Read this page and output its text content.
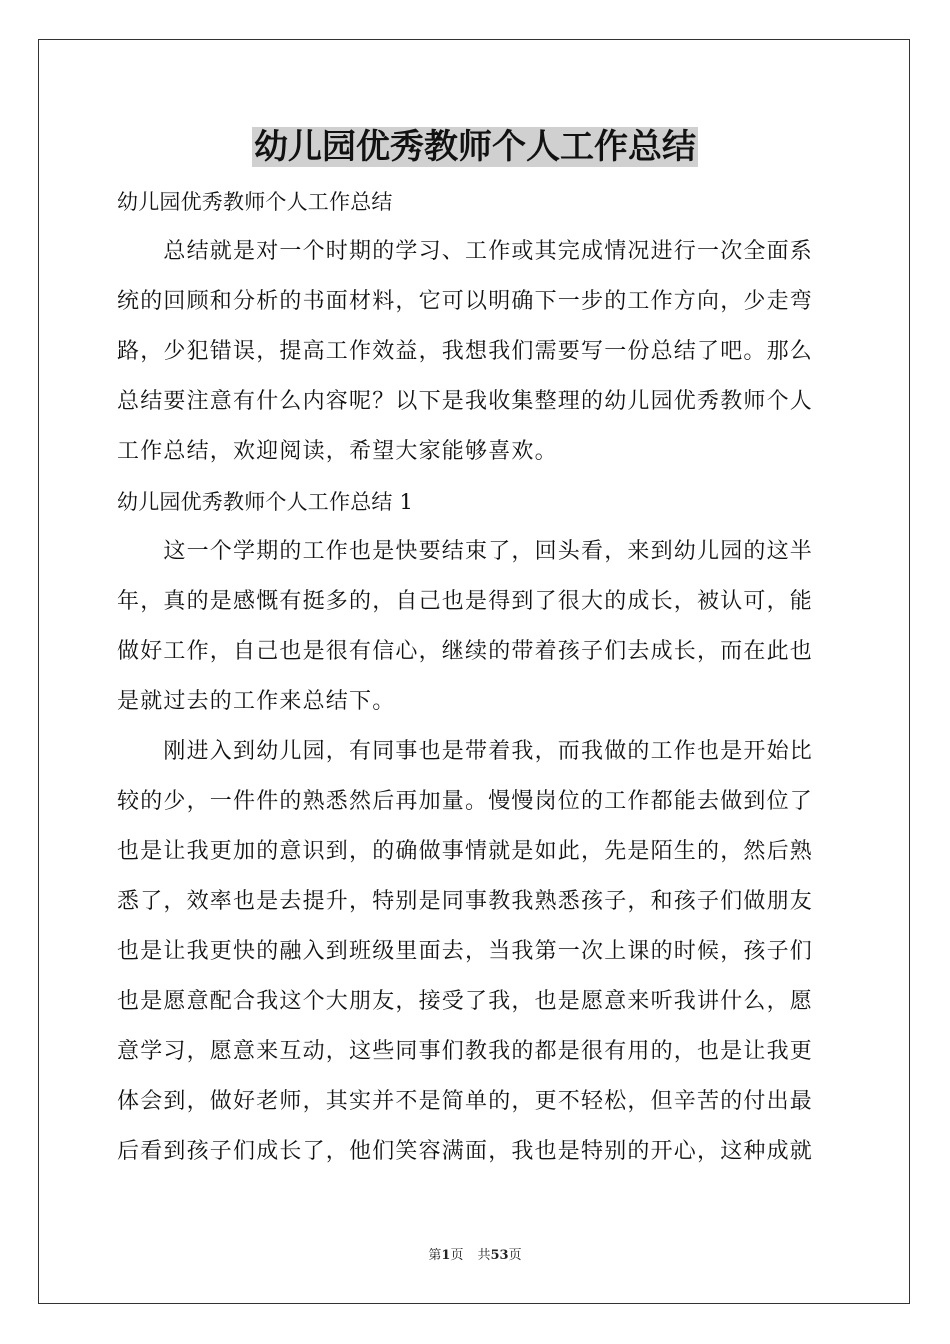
幼儿园优秀教师个人工作总结

幼儿园优秀教师个人工作总结

　　总结就是对一个时期的学习、工作或其完成情况进行一次全面系

统的回顾和分析的书面材料，它可以明确下一步的工作方向，少走弯

路，少犯错误，提高工作效益，我想我们需要写一份总结了吧。那么

总结要注意有什么内容呢？以下是我收集整理的幼儿园优秀教师个人

工作总结，欢迎阅读，希望大家能够喜欢。

幼儿园优秀教师个人工作总结 1

　　这一个学期的工作也是快要结束了，回头看，来到幼儿园的这半

年，真的是感慨有挺多的，自己也是得到了很大的成长，被认可，能

做好工作，自己也是很有信心，继续的带着孩子们去成长，而在此也

是就过去的工作来总结下。

　　刚进入到幼儿园，有同事也是带着我，而我做的工作也是开始比

较的少，一件件的熟悉然后再加量。慢慢岗位的工作都能去做到位了

也是让我更加的意识到，的确做事情就是如此，先是陌生的，然后熟

悉了，效率也是去提升，特别是同事教我熟悉孩子，和孩子们做朋友

也是让我更快的融入到班级里面去，当我第一次上课的时候，孩子们

也是愿意配合我这个大朋友，接受了我，也是愿意来听我讲什么，愿

意学习，愿意来互动，这些同事们教我的都是很有用的，也是让我更

体会到，做好老师，其实并不是简单的，更不轻松，但辛苦的付出最

后看到孩子们成长了，他们笑容满面，我也是特别的开心，这种成就

第1页 共53页
